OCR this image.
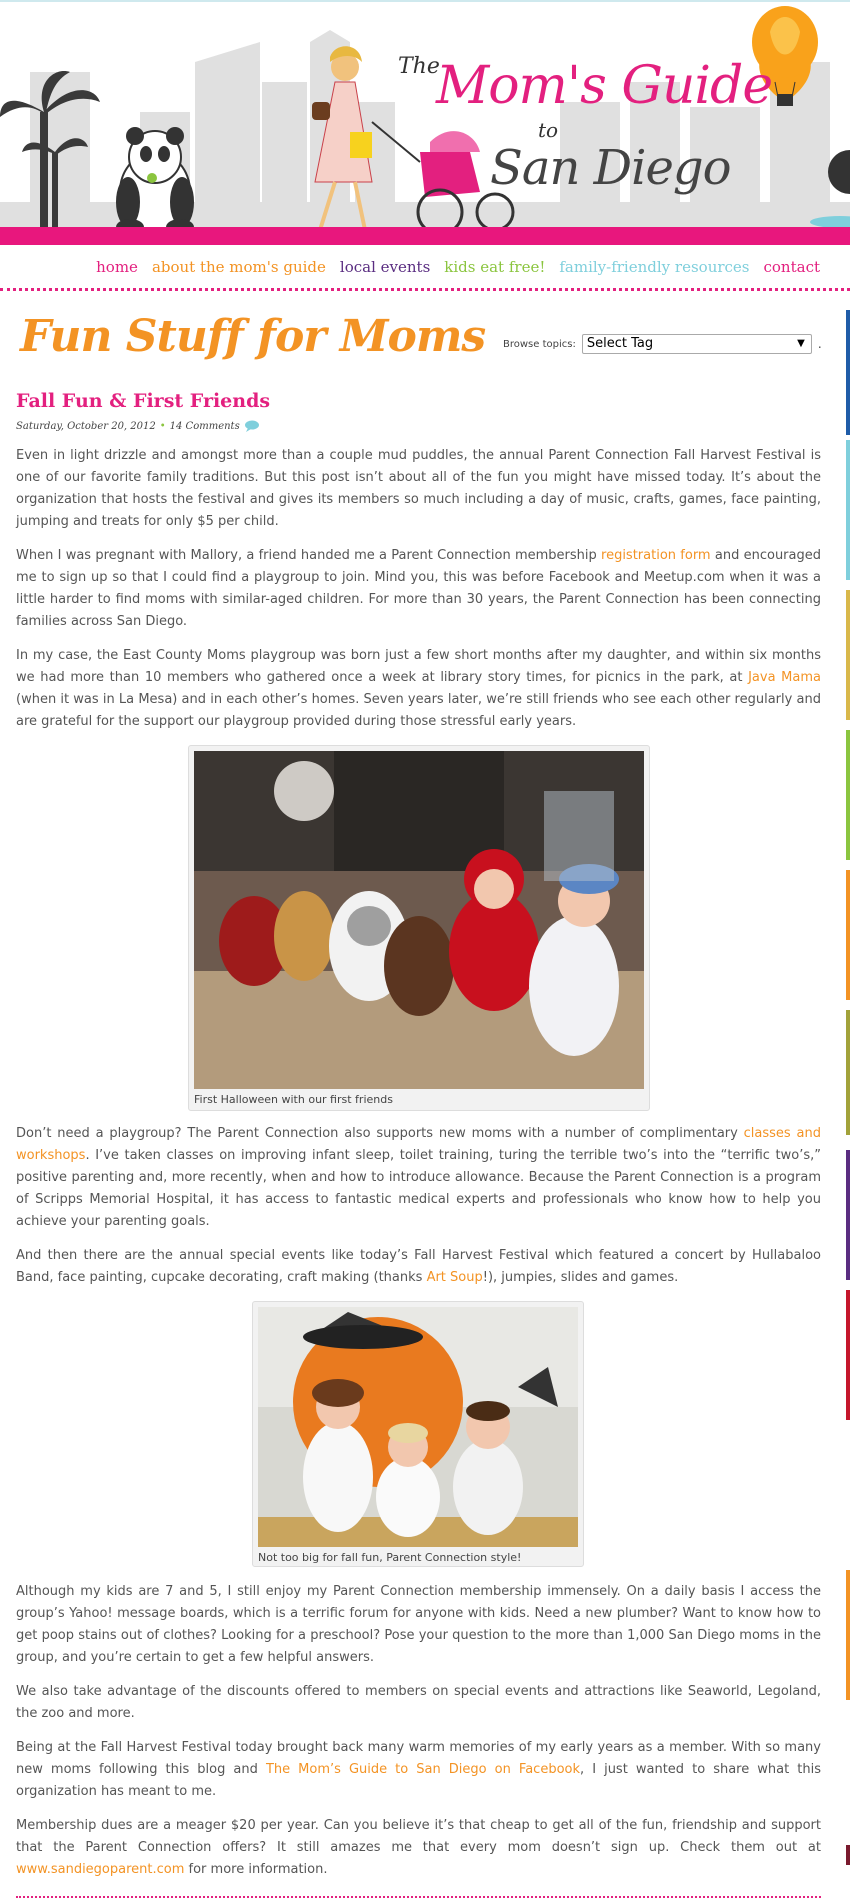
The
Mom's Guide
to
San Diego
home about the mom's guide local events kids eat free! family-friendly resources contact
Fun Stuff for Moms Browse topics: Select Tag	▼ .
Fall Fun & First Friends
Saturday, October 20, 2012 • 14 Comments

Even in light drizzle and amongst more than a couple mud puddles, the annual Parent Connection Fall Harvest Festival is one of our favorite family traditions. But this post isn’t about all of the fun you might have missed today. It’s about the organization that hosts the festival and gives its members so much including a day of music, crafts, games, face painting, jumping and treats for only $5 per child.

When I was pregnant with Mallory, a friend handed me a Parent Connection membership registration form and encouraged me to sign up so that I could find a playgroup to join. Mind you, this was before Facebook and Meetup.com when it was a little harder to find moms with similar-aged children. For more than 30 years, the Parent Connection has been connecting families across San Diego.

In my case, the East County Moms playgroup was born just a few short months after my daughter, and within six months we had more than 10 members who gathered once a week at library story times, for picnics in the park, at Java Mama (when it was in La Mesa) and in each other’s homes. Seven years later, we’re still friends who see each other regularly and are grateful for the support our playgroup provided during those stressful early years.

First Halloween with our first friends

Don’t need a playgroup? The Parent Connection also supports new moms with a number of complimentary classes and workshops. I’ve taken classes on improving infant sleep, toilet training, turing the terrible two’s into the “terrific two’s,” positive parenting and, more recently, when and how to introduce allowance. Because the Parent Connection is a program of Scripps Memorial Hospital, it has access to fantastic medical experts and professionals who know how to help you achieve your parenting goals.

And then there are the annual special events like today’s Fall Harvest Festival which featured a concert by Hullabaloo Band, face painting, cupcake decorating, craft making (thanks Art Soup!), jumpies, slides and games.

Not too big for fall fun, Parent Connection style!

Although my kids are 7 and 5, I still enjoy my Parent Connection membership immensely. On a daily basis I access the group’s Yahoo! message boards, which is a terrific forum for anyone with kids. Need a new plumber? Want to know how to get poop stains out of clothes? Looking for a preschool? Pose your question to the more than 1,000 San Diego moms in the group, and you’re certain to get a few helpful answers.

We also take advantage of the discounts offered to members on special events and attractions like Seaworld, Legoland, the zoo and more.

Being at the Fall Harvest Festival today brought back many warm memories of my early years as a member. With so many new moms following this blog and The Mom’s Guide to San Diego on Facebook, I just wanted to share what this organization has meant to me.

Membership dues are a meager $20 per year. Can you believe it’s that cheap to get all of the fun, friendship and support that the Parent Connection offers? It still amazes me that every mom doesn’t sign up. Check them out at www.sandiegoparent.com for more information.
